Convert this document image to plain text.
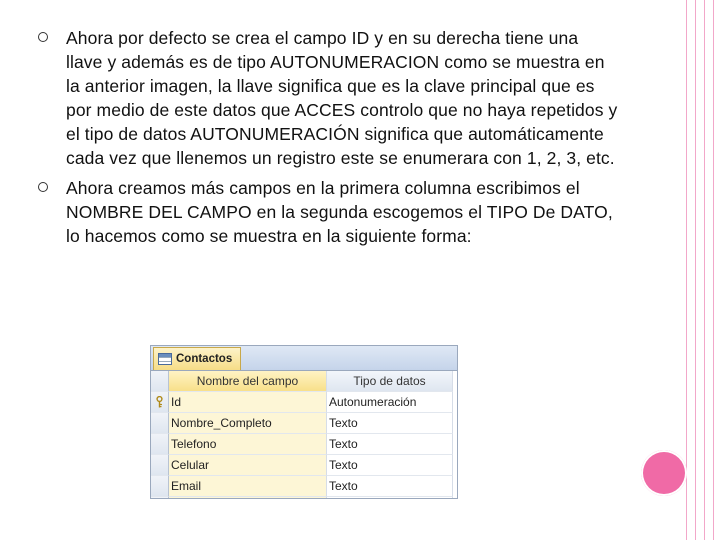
Ahora por defecto se crea el campo ID y en su derecha tiene una llave y además es de tipo AUTONUMERACION como se muestra en la anterior imagen, la llave significa que es la clave principal que es por medio de este datos que ACCES controlo que no haya repetidos y el tipo de datos AUTONUMERACIÓN significa que automáticamente cada vez que llenemos un registro este se enumerara con 1, 2, 3, etc.
Ahora creamos más campos en la primera columna escribimos el NOMBRE DEL CAMPO en la segunda escogemos el TIPO De DATO, lo hacemos como se muestra en la siguiente forma:
Contactos
Nombre del campo	Tipo de datos
Id	Autonumeración
Nombre_Completo	Texto
Telefono	Texto
Celular	Texto
Email	Texto
